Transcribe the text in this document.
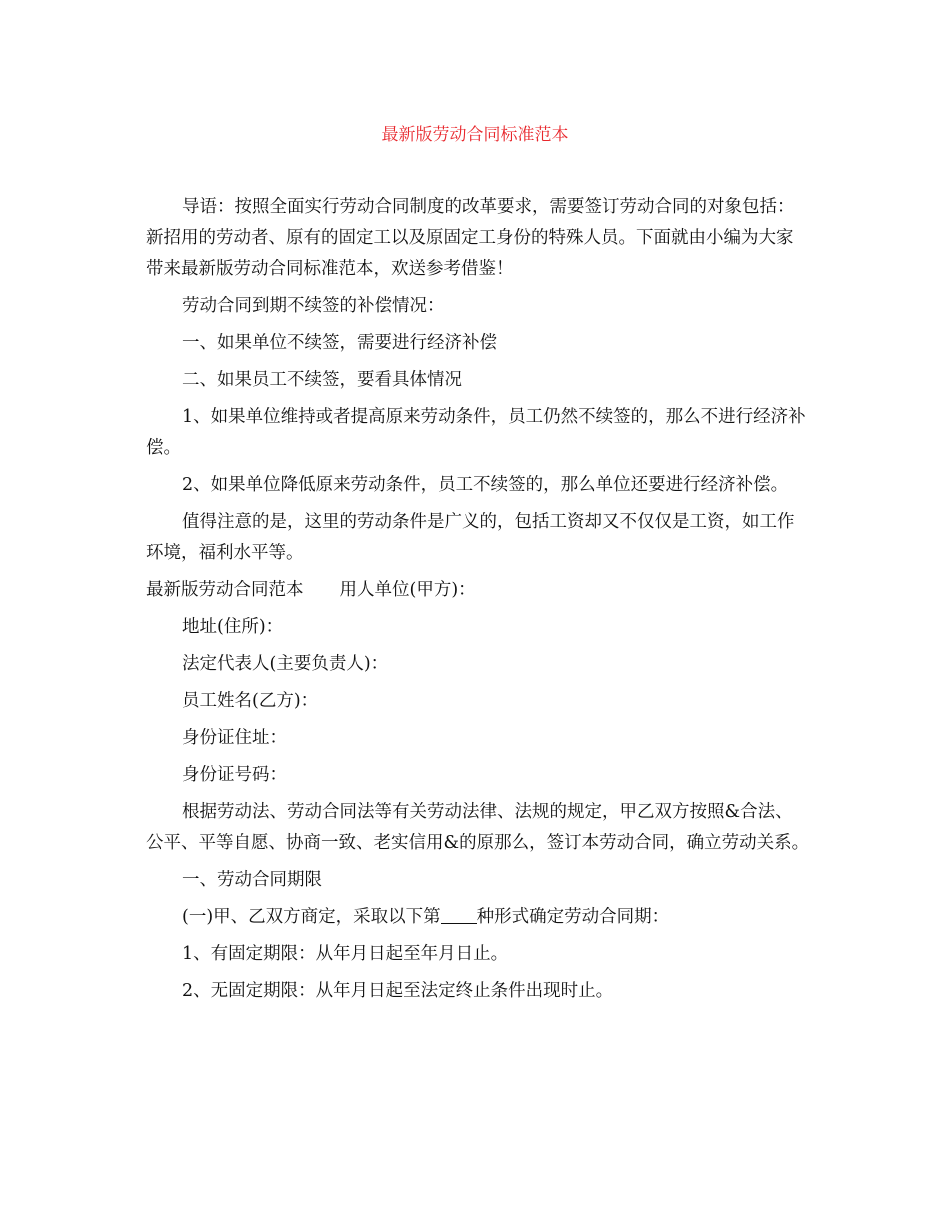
最新版劳动合同标准范本

导语：按照全面实行劳动合同制度的改革要求，需要签订劳动合同的对象包括：新招用的劳动者、原有的固定工以及原固定工身份的特殊人员。下面就由小编为大家带来最新版劳动合同标准范本，欢送参考借鉴！

劳动合同到期不续签的补偿情况：

一、如果单位不续签，需要进行经济补偿

二、如果员工不续签，要看具体情况

1、如果单位维持或者提高原来劳动条件，员工仍然不续签的，那么不进行经济补偿。

2、如果单位降低原来劳动条件，员工不续签的，那么单位还要进行经济补偿。

值得注意的是，这里的劳动条件是广义的，包括工资却又不仅仅是工资，如工作环境，福利水平等。

最新版劳动合同范本 用人单位(甲方)：

地址(住所)：

法定代表人(主要负责人)：

员工姓名(乙方)：

身份证住址：

身份证号码：

根据劳动法、劳动合同法等有关劳动法律、法规的规定，甲乙双方按照&合法、公平、平等自愿、协商一致、老实信用&的原那么，签订本劳动合同，确立劳动关系。

一、劳动合同期限

(一)甲、乙双方商定，采取以下第 种形式确定劳动合同期：

1、有固定期限：从年月日起至年月日止。

2、无固定期限：从年月日起至法定终止条件出现时止。
